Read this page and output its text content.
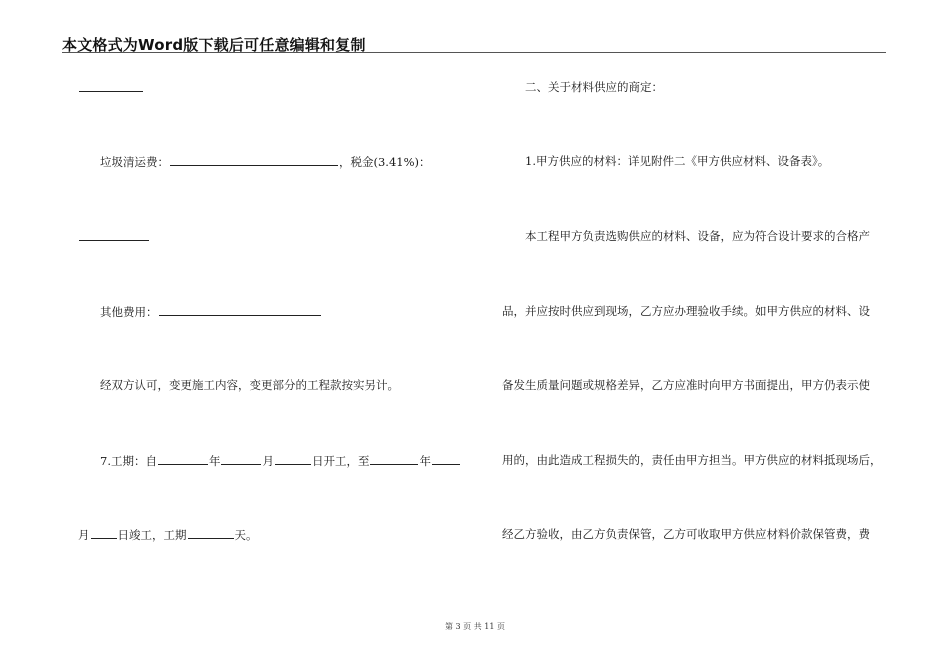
本文格式为Word版下载后可任意编辑和复制
垃圾清运费：	，税金(3.41%)：
其他费用：
经双方认可，变更施工内容，变更部分的工程款按实另计。
7.工期：自	年	月	日开工，至	年
月 日竣工，工期	天。
二、关于材料供应的商定：
1.甲方供应的材料：详见附件二《甲方供应材料、设备表》。
本工程甲方负责选购供应的材料、设备，应为符合设计要求的合格产
品，并应按时供应到现场，乙方应办理验收手续。如甲方供应的材料、设
备发生质量问题或规格差异，乙方应准时向甲方书面提出，甲方仍表示使
用的，由此造成工程损失的，责任由甲方担当。甲方供应的材料抵现场后，
经乙方验收，由乙方负责保管，乙方可收取甲方供应材料价款保管费，费
第 3 页 共 11 页
